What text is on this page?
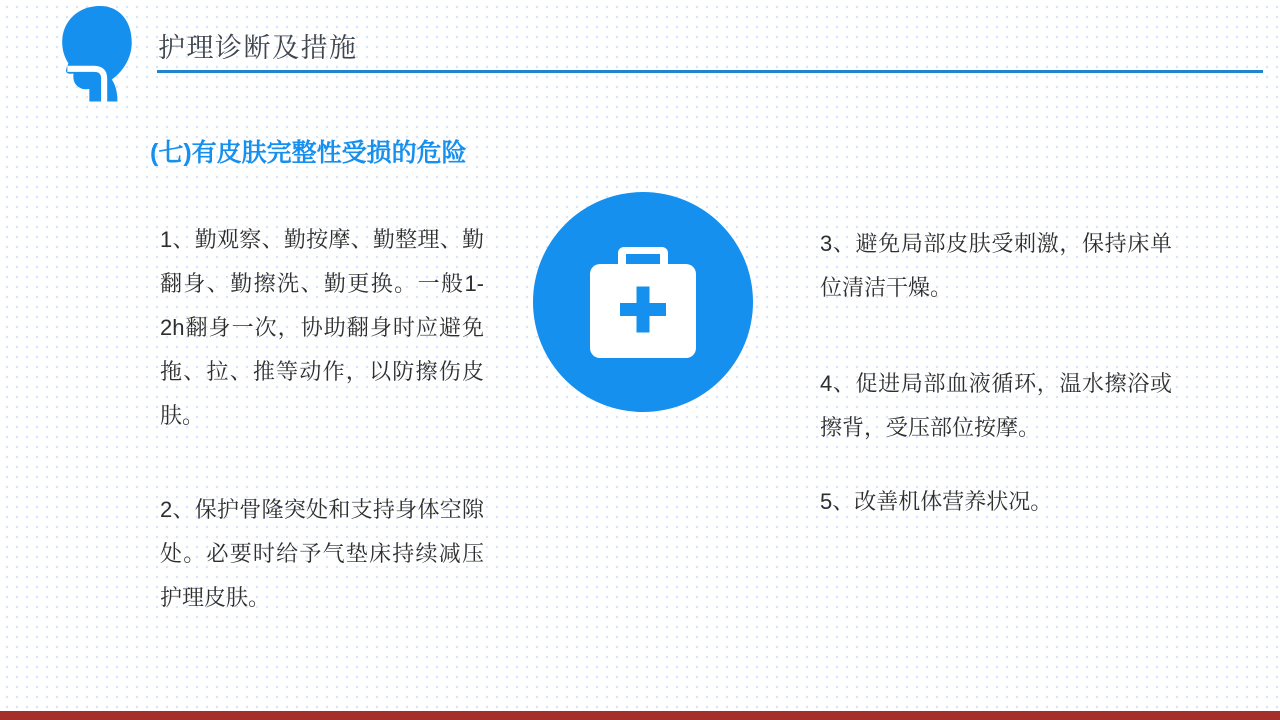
护理诊断及措施
(七)有皮肤完整性受损的危险
1、勤观察、勤按摩、勤整理、勤翻身、勤擦洗、勤更换。一般1-2h翻身一次，协助翻身时应避免拖、拉、推等动作，以防擦伤皮肤。
2、保护骨隆突处和支持身体空隙处。必要时给予气垫床持续减压护理皮肤。
3、避免局部皮肤受刺激，保持床单位清洁干燥。
4、促进局部血液循环，温水擦浴或擦背，受压部位按摩。
5、改善机体营养状况。
